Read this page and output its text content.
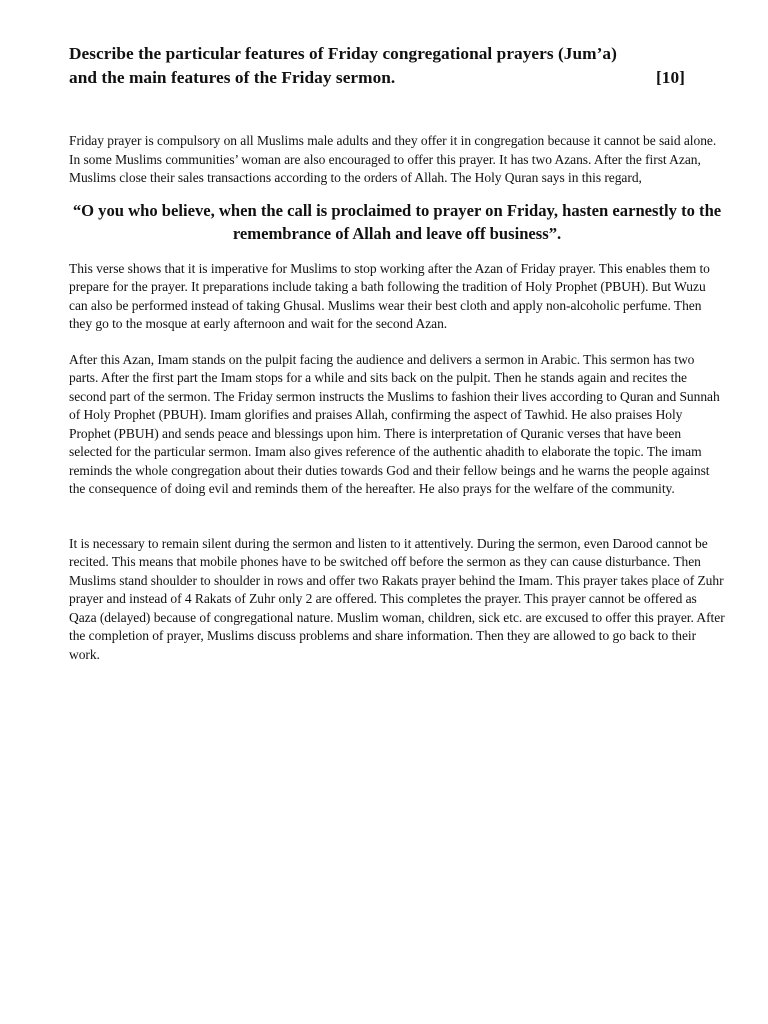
Describe the particular features of Friday congregational prayers (Jum’a)
and the main features of the Friday sermon.	[10]

Friday prayer is compulsory on all Muslims male adults and they offer it in congregation because it cannot be said alone. In some Muslims communities’ woman are also encouraged to offer this prayer. It has two Azans. After the first Azan, Muslims close their sales transactions according to the orders of Allah. The Holy Quran says in this regard,

“O you who believe, when the call is proclaimed to prayer on Friday, hasten earnestly to the remembrance of Allah and leave off business”.

This verse shows that it is imperative for Muslims to stop working after the Azan of Friday prayer. This enables them to prepare for the prayer. It preparations include taking a bath following the tradition of Holy Prophet (PBUH). But Wuzu can also be performed instead of taking Ghusal. Muslims wear their best cloth and apply non-alcoholic perfume. Then they go to the mosque at early afternoon and wait for the second Azan.

After this Azan, Imam stands on the pulpit facing the audience and delivers a sermon in Arabic. This sermon has two parts. After the first part the Imam stops for a while and sits back on the pulpit. Then he stands again and recites the second part of the sermon. The Friday sermon instructs the Muslims to fashion their lives according to Quran and Sunnah of Holy Prophet (PBUH). Imam glorifies and praises Allah, confirming the aspect of Tawhid. He also praises Holy Prophet (PBUH) and sends peace and blessings upon him. There is interpretation of Quranic verses that have been selected for the particular sermon. Imam also gives reference of the authentic ahadith to elaborate the topic. The imam reminds the whole congregation about their duties towards God and their fellow beings and he warns the people against the consequence of doing evil and reminds them of the hereafter. He also prays for the welfare of the community.

It is necessary to remain silent during the sermon and listen to it attentively. During the sermon, even Darood cannot be recited. This means that mobile phones have to be switched off before the sermon as they can cause disturbance. Then Muslims stand shoulder to shoulder in rows and offer two Rakats prayer behind the Imam. This prayer takes place of Zuhr prayer and instead of 4 Rakats of Zuhr only 2 are offered. This completes the prayer. This prayer cannot be offered as Qaza (delayed) because of congregational nature. Muslim woman, children, sick etc. are excused to offer this prayer. After the completion of prayer, Muslims discuss problems and share information. Then they are allowed to go back to their work.
